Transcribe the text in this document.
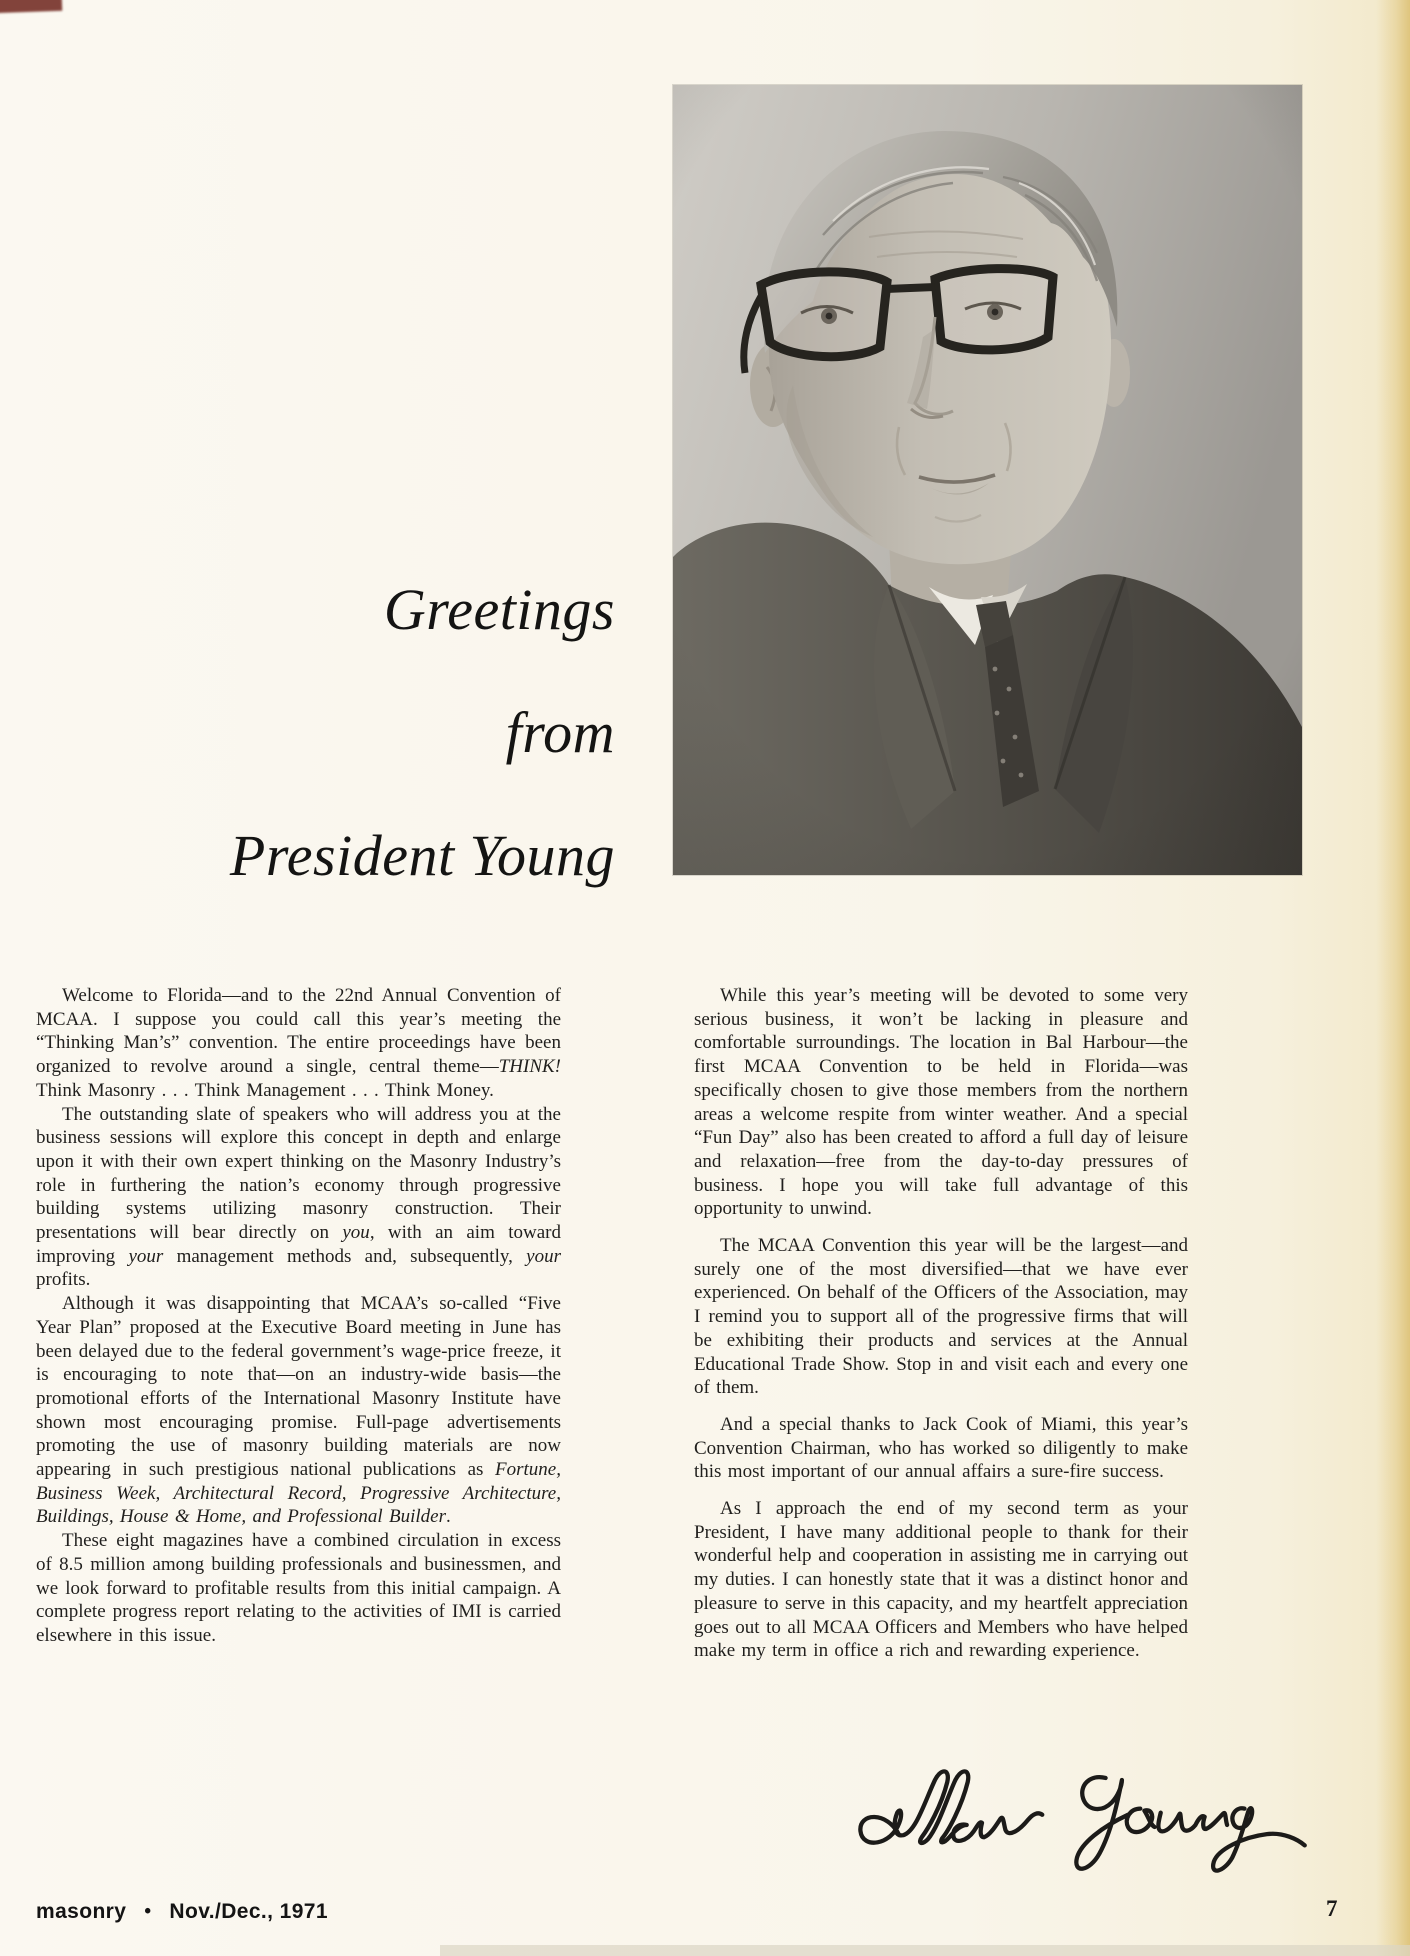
Greetings
from
President Young

Welcome to Florida—and to the 22nd Annual Convention of MCAA. I suppose you could call this year’s meeting the “Thinking Man’s” convention. The entire proceedings have been organized to revolve around a single, central theme—THINK! Think Masonry . . . Think Management . . . Think Money.

The outstanding slate of speakers who will address you at the business sessions will explore this concept in depth and enlarge upon it with their own expert thinking on the Masonry Industry’s role in furthering the nation’s economy through progressive building systems utilizing masonry construction. Their presentations will bear directly on you, with an aim toward improving your management methods and, subsequently, your profits.

Although it was disappointing that MCAA’s so-called “Five Year Plan” proposed at the Executive Board meeting in June has been delayed due to the federal government’s wage-price freeze, it is encouraging to note that—on an industry-wide basis—the promotional efforts of the International Masonry Institute have shown most encouraging promise. Full-page advertisements promoting the use of masonry building materials are now appearing in such prestigious national publications as Fortune, Business Week, Architectural Record, Progressive Architecture, Buildings, House & Home, and Professional Builder.

These eight magazines have a combined circulation in excess of 8.5 million among building professionals and businessmen, and we look forward to profitable results from this initial campaign. A complete progress report relating to the activities of IMI is carried elsewhere in this issue.

While this year’s meeting will be devoted to some very serious business, it won’t be lacking in pleasure and comfortable surroundings. The location in Bal Harbour—the first MCAA Convention to be held in Florida—was specifically chosen to give those members from the northern areas a welcome respite from winter weather. And a special “Fun Day” also has been created to afford a full day of leisure and relaxation—free from the day-to-day pressures of business. I hope you will take full advantage of this opportunity to unwind.

The MCAA Convention this year will be the largest—and surely one of the most diversified—that we have ever experienced. On behalf of the Officers of the Association, may I remind you to support all of the progressive firms that will be exhibiting their products and services at the Annual Educational Trade Show. Stop in and visit each and every one of them.

And a special thanks to Jack Cook of Miami, this year’s Convention Chairman, who has worked so diligently to make this most important of our annual affairs a sure-fire success.

As I approach the end of my second term as your President, I have many additional people to thank for their wonderful help and cooperation in assisting me in carrying out my duties. I can honestly state that it was a distinct honor and pleasure to serve in this capacity, and my heartfelt appreciation goes out to all MCAA Officers and Members who have helped make my term in office a rich and rewarding experience.

masonry • Nov./Dec., 1971	7
